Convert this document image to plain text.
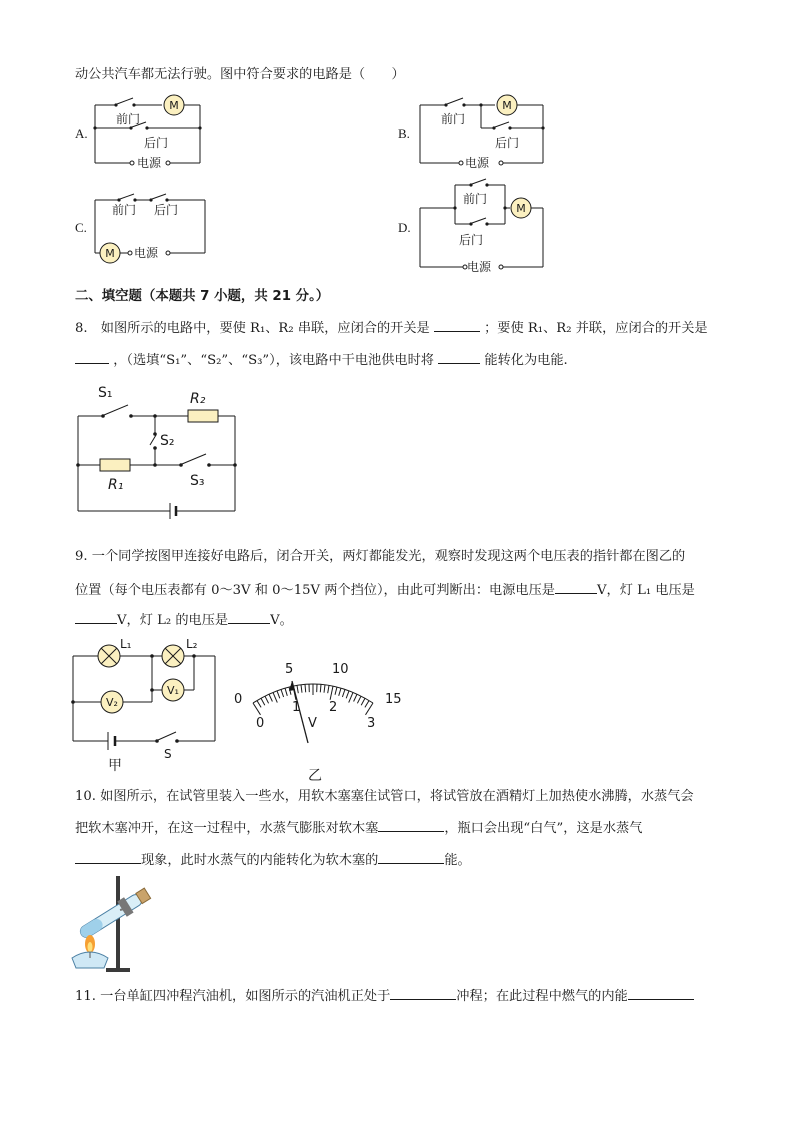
动公共汽车都无法行驶。图中符合要求的电路是（　　）
A.	B.
C.	D.
M
前门
后门
电源
M
前门
后门
电源
M
前门 后门
电源
M
前门
后门
电源
二、填空题（本题共 7 小题，共 21 分。）
8.　如图所示的电路中，要使 R₁、R₂ 串联，应闭合的开关是	；要使 R₁、R₂ 并联，应闭合的开关是
，（选填“S₁”、“S₂”、“S₃”），该电路中干电池供电时将	能转化为电能.
S₁	R₂
S₂
R₁	S₃
9. 一个同学按图甲连接好电路后，闭合开关，两灯都能发光，观察时发现这两个电压表的指针都在图乙的
位置（每个电压表都有 0～3V 和 0～15V 两个挡位），由此可判断出：电源电压是	V，灯 L₁ 电压是
V，灯 L₂ 的电压是	V。
L₁	L₂
V₁
V₂
S
甲
0
5	10
15
0
1 2
3
V
乙
10. 如图所示，在试管里装入一些水，用软木塞塞住试管口，将试管放在酒精灯上加热使水沸腾，水蒸气会
把软木塞冲开，在这一过程中，水蒸气膨胀对软木塞	，瓶口会出现“白气”，这是水蒸气
现象，此时水蒸气的内能转化为软木塞的	能。
11. 一台单缸四冲程汽油机，如图所示的汽油机正处于	冲程；在此过程中燃气的内能
